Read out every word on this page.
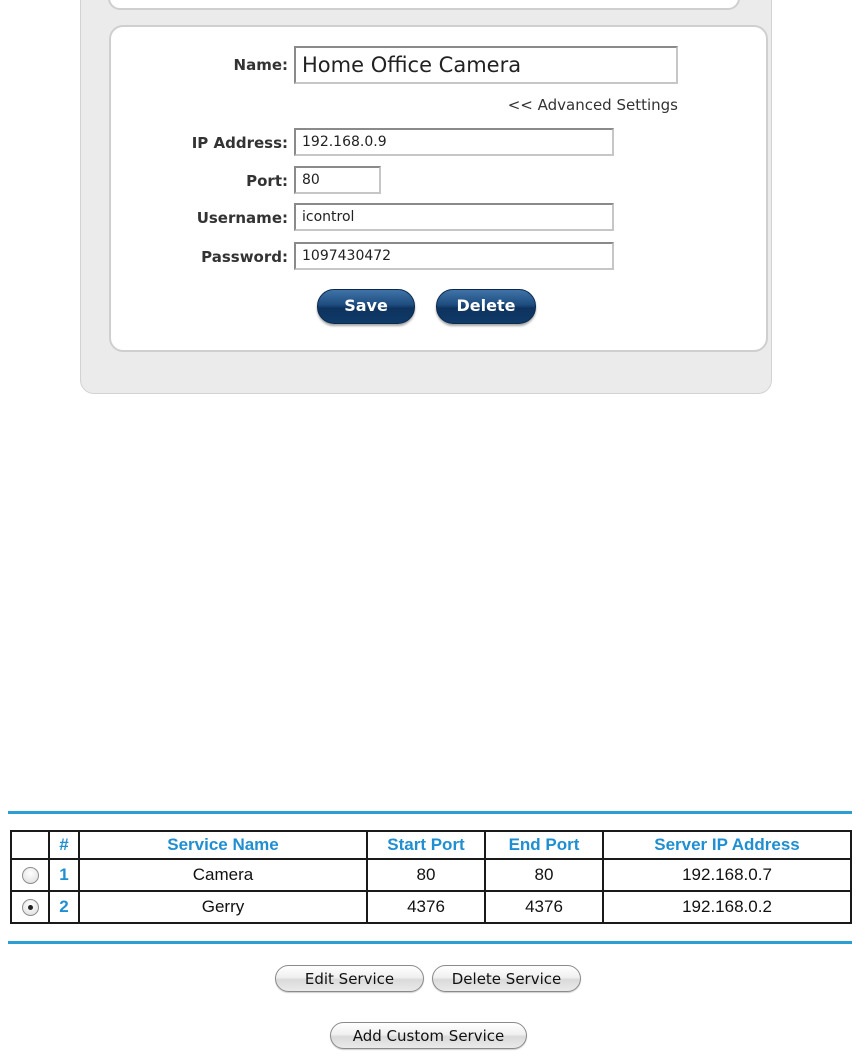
Name:
Home Office Camera
<< Advanced Settings
IP Address:
192.168.0.9
Port:
80
Username:
icontrol
Password:
1097430472
Save	Delete
	#	Service Name	Start Port	End Port	Server IP Address
	1	Camera	80	80	192.168.0.7
	2	Gerry	4376	4376	192.168.0.2
Edit Service	Delete Service
Add Custom Service
